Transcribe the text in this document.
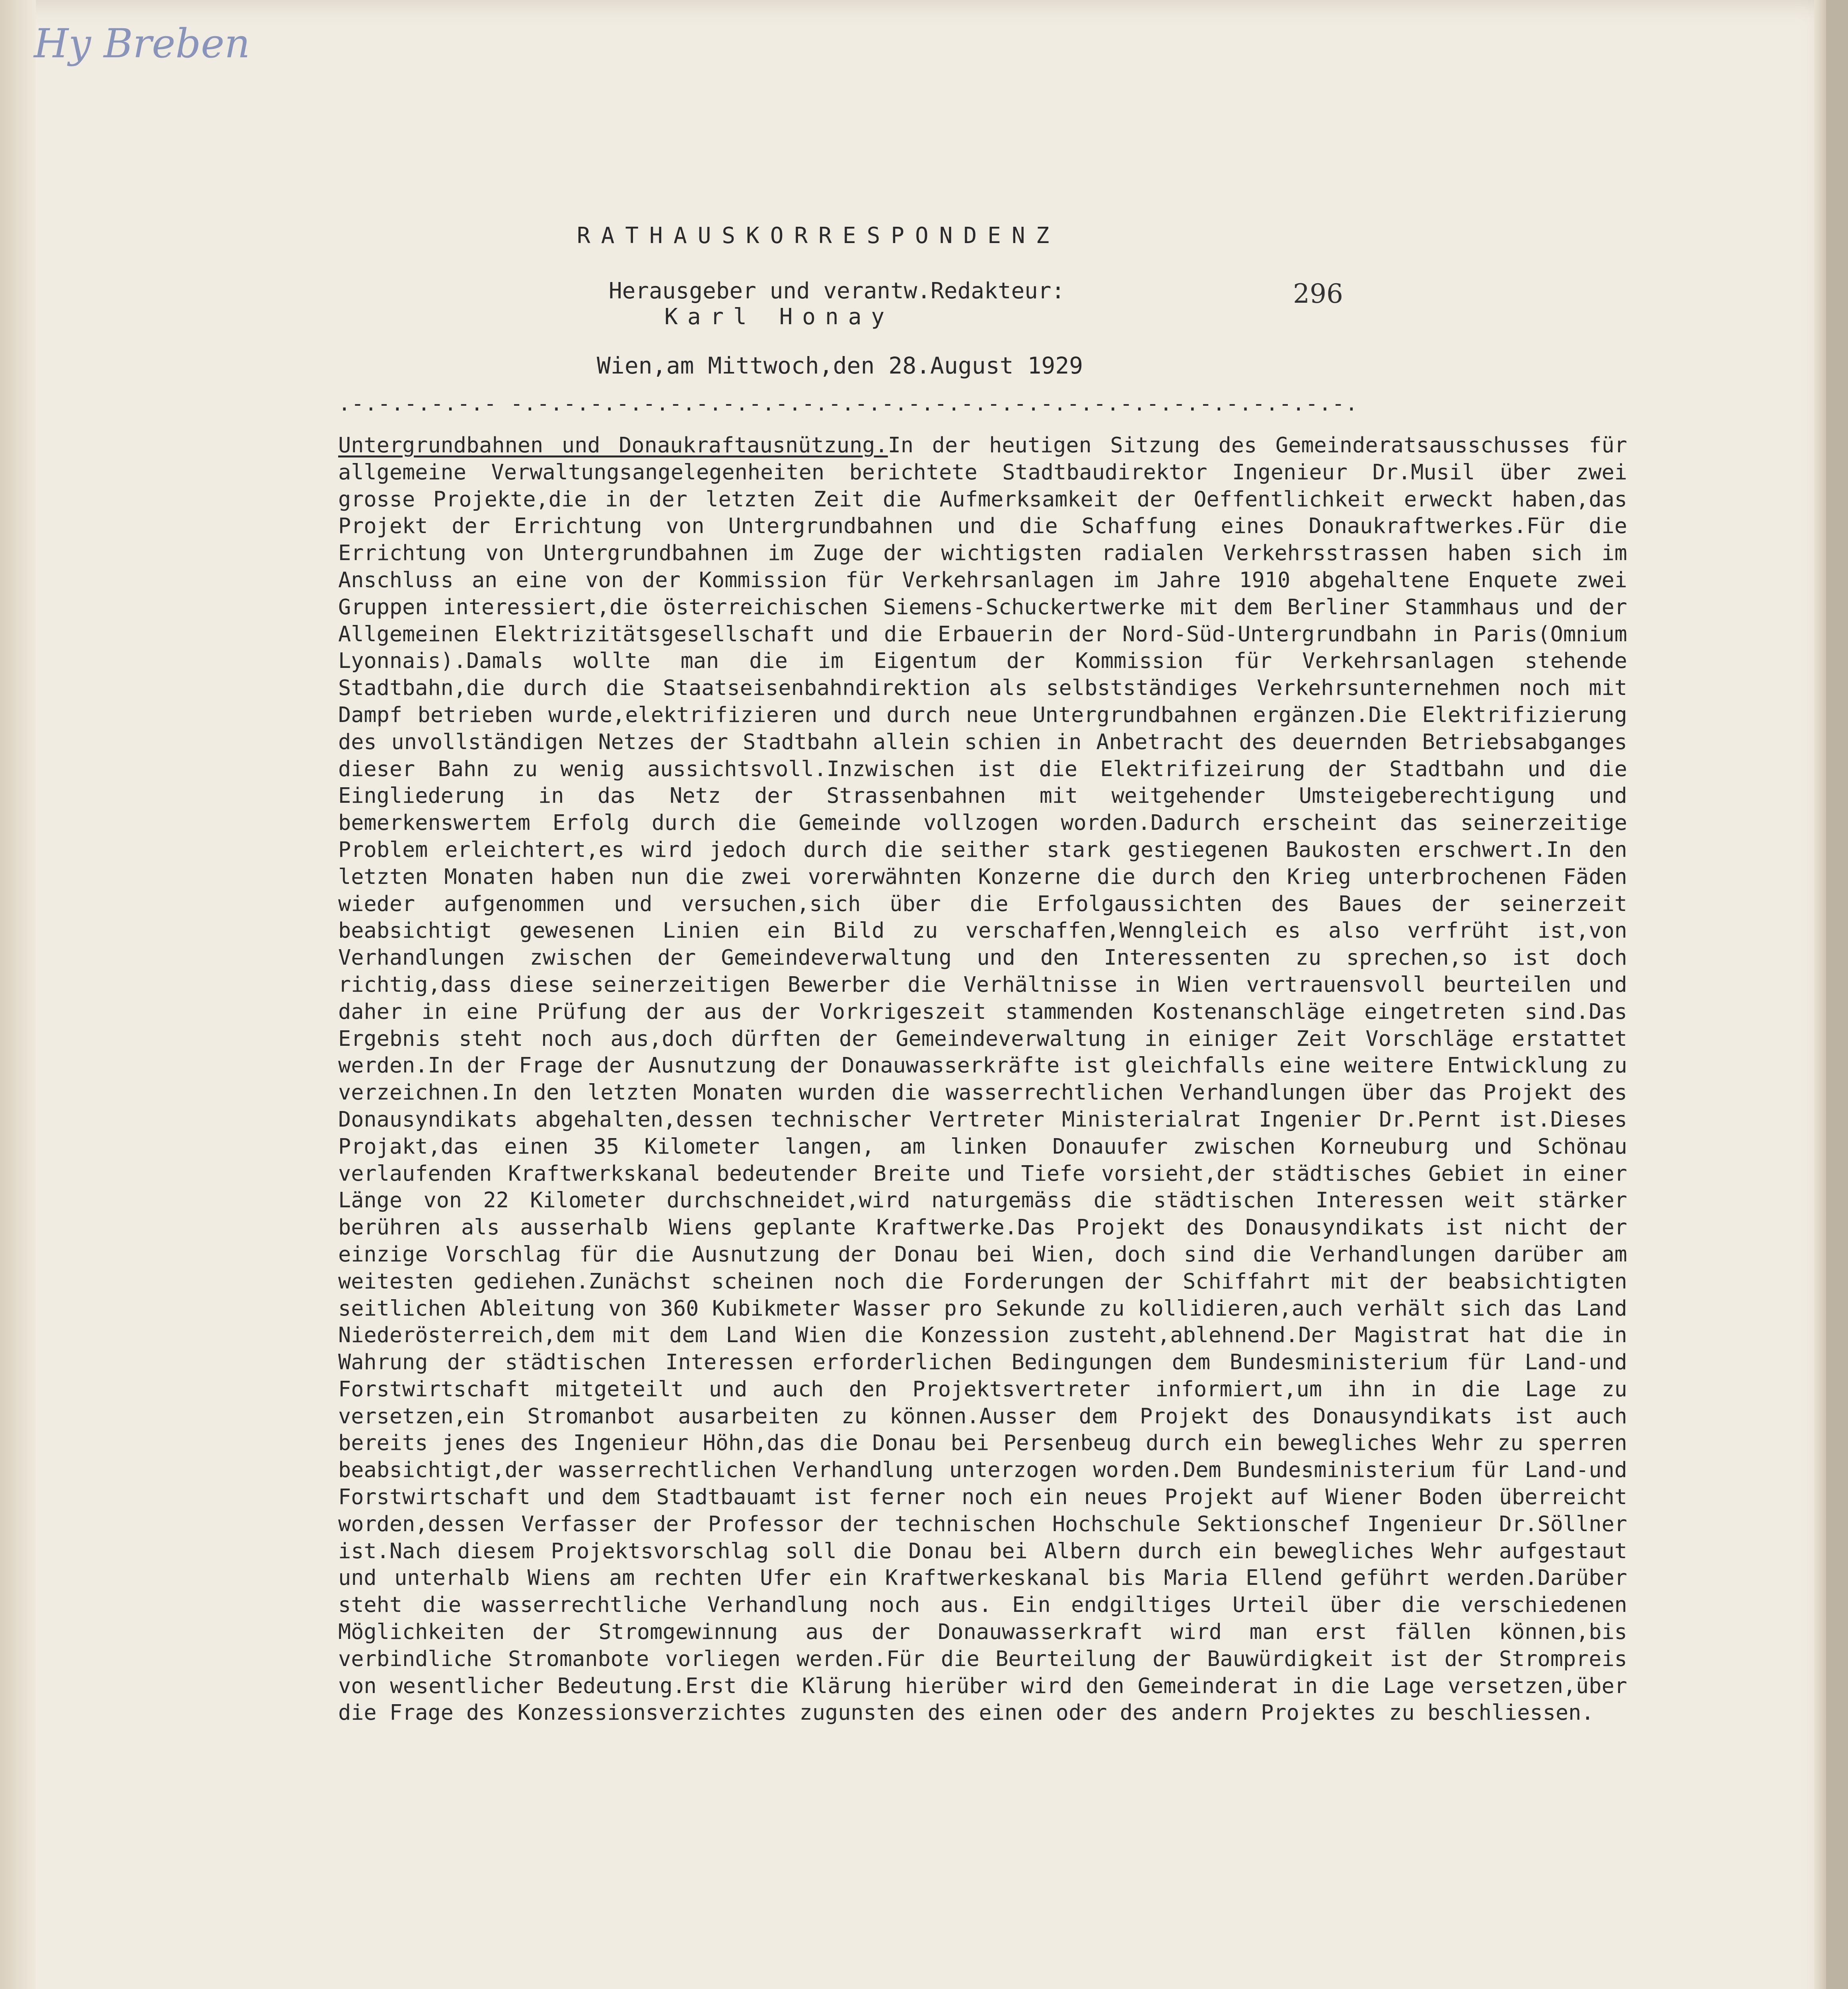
Hy Breben
RATHAUSKORRESPONDENZ
Herausgeber und verantw.Redakteur:
Karl Honay
296
Wien,am Mittwoch,den 28.August 1929
.-.-.-.-.-.- -.-.-.-.-.-.-.-.-.-.-.-.-.-.-.-.-.-.-.-.-.-.-.-.-.-.-.-.-.-.-.-.
Untergrundbahnen und Donaukraftausnützung.In der heutigen Sitzung des Gemeinderatsausschusses für allgemeine Verwaltungsangelegenheiten berichtete Stadtbaudirektor Ingenieur Dr.Musil über zwei grosse Projekte,die in der letzten Zeit die Aufmerksamkeit der Oeffentlichkeit erweckt haben,das Projekt der Errichtung von Untergrundbahnen und die Schaffung eines Donaukraftwerkes.Für die Errichtung von Untergrundbahnen im Zuge der wichtigsten radialen Verkehrsstrassen haben sich im Anschluss an eine von der Kommission für Verkehrsanlagen im Jahre 1910 abgehaltene Enquete zwei Gruppen interessiert,die österreichischen Siemens-Schuckertwerke mit dem Berliner Stammhaus und der Allgemeinen Elektrizitätsgesellschaft und die Erbauerin der Nord-Süd-Untergrundbahn in Paris(Omnium Lyonnais).Damals wollte man die im Eigentum der Kommission für Verkehrsanlagen stehende Stadtbahn,die durch die Staatseisenbahndirektion als selbstständiges Verkehrsunternehmen noch mit Dampf betrieben wurde,elektrifizieren und durch neue Untergrundbahnen ergänzen.Die Elektrifizierung des unvollständigen Netzes der Stadtbahn allein schien in Anbetracht des deuernden Betriebsabganges dieser Bahn zu wenig aussichtsvoll.Inzwischen ist die Elektrifizeirung der Stadtbahn und die Eingliederung in das Netz der Strassenbahnen mit weitgehender Umsteigeberechtigung und bemerkenswertem Erfolg durch die Gemeinde vollzogen worden.Dadurch erscheint das seinerzeitige Problem erleichtert,es wird jedoch durch die seither stark gestiegenen Baukosten erschwert.In den letzten Monaten haben nun die zwei vorerwähnten Konzerne die durch den Krieg unterbrochenen Fäden wieder aufgenommen und versuchen,sich über die Erfolgaussichten des Baues der seinerzeit beabsichtigt gewesenen Linien ein Bild zu verschaffen,Wenngleich es also verfrüht ist,von Verhandlungen zwischen der Gemeindeverwaltung und den Interessenten zu sprechen,so ist doch richtig,dass diese seinerzeitigen Bewerber die Verhältnisse in Wien vertrauensvoll beurteilen und daher in eine Prüfung der aus der Vorkrigeszeit stammenden Kostenanschläge eingetreten sind.Das Ergebnis steht noch aus,doch dürften der Gemeindeverwaltung in einiger Zeit Vorschläge erstattet werden.In der Frage der Ausnutzung der Donauwasserkräfte ist gleichfalls eine weitere Entwicklung zu verzeichnen.In den letzten Monaten wurden die wasserrechtlichen Verhandlungen über das Projekt des Donausyndikats abgehalten,dessen technischer Vertreter Ministerialrat Ingenier Dr.Pernt ist.Dieses Projakt,das einen 35 Kilometer langen, am linken Donauufer zwischen Korneuburg und Schönau verlaufenden Kraftwerkskanal bedeutender Breite und Tiefe vorsieht,der städtisches Gebiet in einer Länge von 22 Kilometer durchschneidet,wird naturgemäss die städtischen Interessen weit stärker berühren als ausserhalb Wiens geplante Kraftwerke.Das Projekt des Donausyndikats ist nicht der einzige Vorschlag für die Ausnutzung der Donau bei Wien, doch sind die Verhandlungen darüber am weitesten gediehen.Zunächst scheinen noch die Forderungen der Schiffahrt mit der beabsichtigten seitlichen Ableitung von 360 Kubikmeter Wasser pro Sekunde zu kollidieren,auch verhält sich das Land Niederösterreich,dem mit dem Land Wien die Konzession zusteht,ablehnend.Der Magistrat hat die in Wahrung der städtischen Interessen erforderlichen Bedingungen dem Bundesministerium für Land-und Forstwirtschaft mitgeteilt und auch den Projektsvertreter informiert,um ihn in die Lage zu versetzen,ein Stromanbot ausarbeiten zu können.Ausser dem Projekt des Donausyndikats ist auch bereits jenes des Ingenieur Höhn,das die Donau bei Persenbeug durch ein bewegliches Wehr zu sperren beabsichtigt,der wasserrechtlichen Verhandlung unterzogen worden.Dem Bundesministerium für Land-und Forstwirtschaft und dem Stadtbauamt ist ferner noch ein neues Projekt auf Wiener Boden überreicht worden,dessen Verfasser der Professor der technischen Hochschule Sektionschef Ingenieur Dr.Söllner ist.Nach diesem Projektsvorschlag soll die Donau bei Albern durch ein bewegliches Wehr aufgestaut und unterhalb Wiens am rechten Ufer ein Kraftwerkeskanal bis Maria Ellend geführt werden.Darüber steht die wasserrechtliche Verhandlung noch aus. Ein endgiltiges Urteil über die verschiedenen Möglichkeiten der Stromgewinnung aus der Donauwasserkraft wird man erst fällen können,bis verbindliche Stromanbote vorliegen werden.Für die Beurteilung der Bauwürdigkeit ist der Strompreis von wesentlicher Bedeutung.Erst die Klärung hierüber wird den Gemeinderat in die Lage versetzen,über die Frage des Konzessionsverzichtes zugunsten des einen oder des andern Projektes zu beschliessen.
